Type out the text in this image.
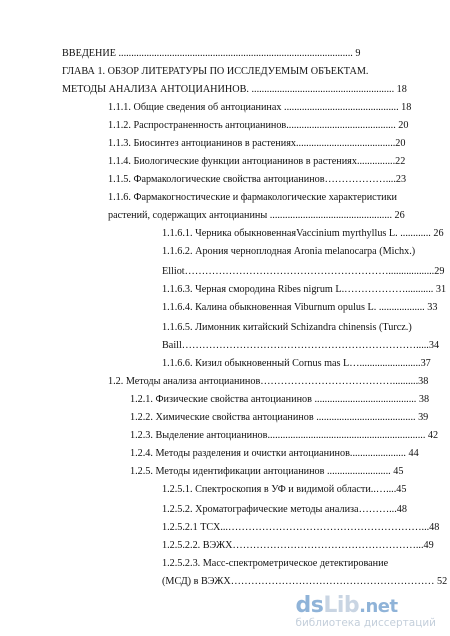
ВВЕДЕНИЕ ............................................................................................ 9
ГЛАВА 1. ОБЗОР ЛИТЕРАТУРЫ ПО ИССЛЕДУЕМЫМ ОБЪЕКТАМ.
МЕТОДЫ АНАЛИЗА АНТОЦИАНИНОВ. ........................................................ 18
1.1.1. Общие сведения об антоцианинах ............................................. 18
1.1.2. Распространенность антоцианинов........................................... 20
1.1.3. Биосинтез антоцианинов в растениях.......................................20
1.1.4. Биологические функции антоцианинов в растениях...............22
1.1.5. Фармакологические свойства антоцианинов………………....23
1.1.6. Фармакогностические и фармакологические характеристики
растений, содержащих антоцианины ................................................ 26
1.1.6.1. Черника обыкновеннаяVaccinium myrthyllus L. ............ 26
1.1.6.2. Арония черноплодная Aronia melanocarpa (Michx.)
Elliot……………………………………………………..................29
1.1.6.3. Черная смородина Ribes nigrum L.………………........... 31
1.1.6.4. Калина обыкновенная Viburnum opulus L. .................. 33
1.1.6.5. Лимонник китайский Schizandra chinensis (Turcz.)
Baill…………………………………………………………….....34
1.1.6.6. Кизил обыкновенный Cornus mas L…........................37
1.2. Методы анализа антоцианинов…………………………………..........38
1.2.1. Физические свойства антоцианинов ........................................ 38
1.2.2. Химические свойства антоцианинов ....................................... 39
1.2.3. Выделение антоцианинов.............................................................. 42
1.2.4. Методы разделения и очистки антоцианинов...................... 44
1.2.5. Методы идентификации антоцианинов ......................... 45
1.2.5.1. Спектроскопия в УФ и видимой области..…....45
1.2.5.2. Хроматографические методы анализа………...48
1.2.5.2.1 ТСХ...…………………………………………………...48
1.2.5.2.2. ВЭЖХ………………………………………………...49
1.2.5.2.3. Масс-спектрометрическое детектирование
(МСД) в ВЭЖХ…………………………………………………… 52
dsLib.net
библиотека диссертаций
